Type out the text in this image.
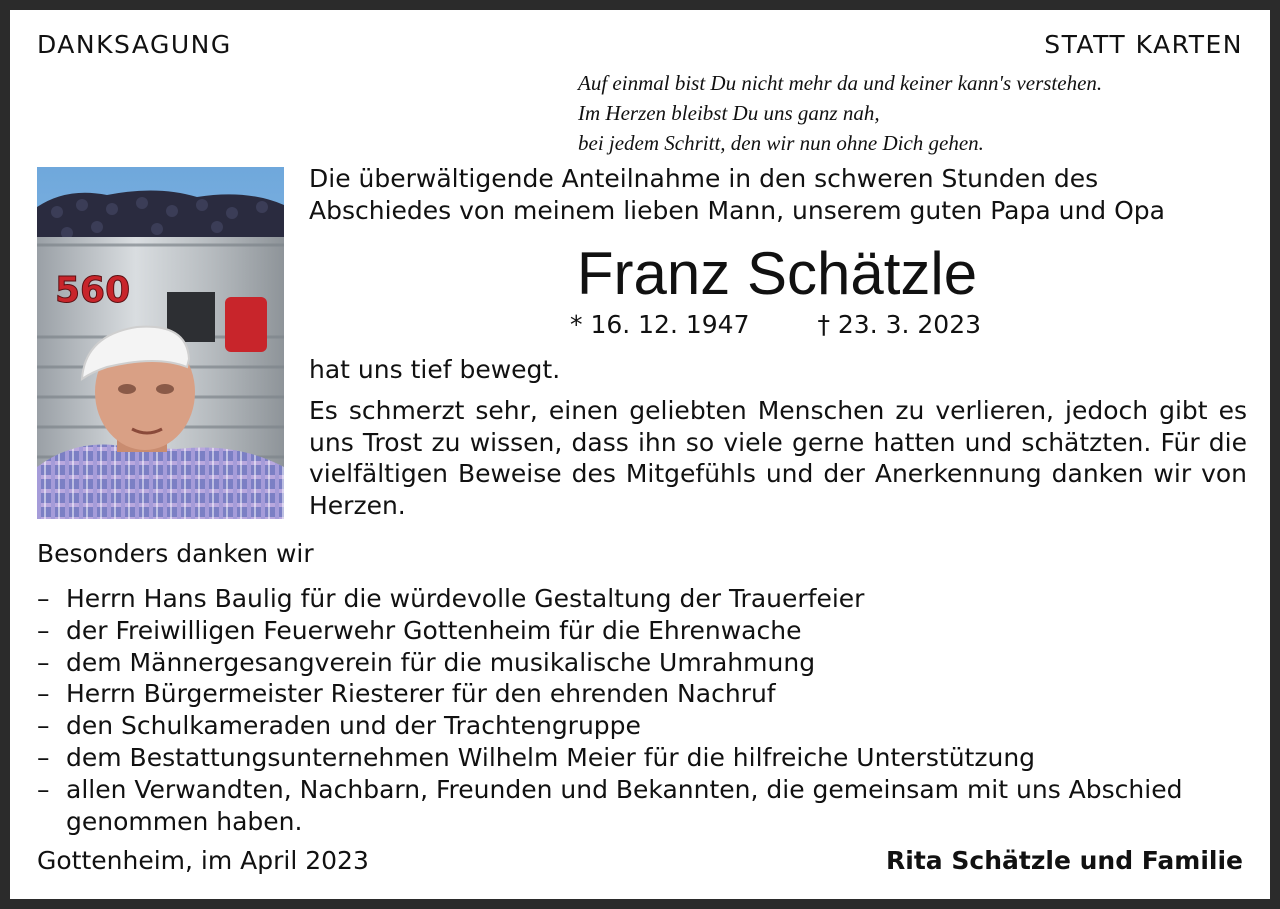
DANKSAGUNG	STATT KARTEN
Auf einmal bist Du nicht mehr da und keiner kann's verstehen.
Im Herzen bleibst Du uns ganz nah,
bei jedem Schritt, den wir nun ohne Dich gehen.
560
Die überwältigende Anteilnahme in den schweren Stunden des
Abschiedes von meinem lieben Mann, unserem guten Papa und Opa
Franz Schätzle
* 16. 12. 1947	† 23. 3. 2023
hat uns tief bewegt.
Es schmerzt sehr, einen geliebten Menschen zu verlieren, jedoch gibt es uns Trost zu wissen, dass ihn so viele gerne hatten und schätzten. Für die vielfältigen Beweise des Mitgefühls und der Anerkennung danken wir von Herzen.
Besonders danken wir
– Herrn Hans Baulig für die würdevolle Gestaltung der Trauerfeier
– der Freiwilligen Feuerwehr Gottenheim für die Ehrenwache
– dem Männergesangverein für die musikalische Umrahmung
– Herrn Bürgermeister Riesterer für den ehrenden Nachruf
– den Schulkameraden und der Trachtengruppe
– dem Bestattungsunternehmen Wilhelm Meier für die hilfreiche Unterstützung
– allen Verwandten, Nachbarn, Freunden und Bekannten, die gemeinsam mit uns Abschied genommen haben.
Gottenheim, im April 2023	Rita Schätzle und Familie
